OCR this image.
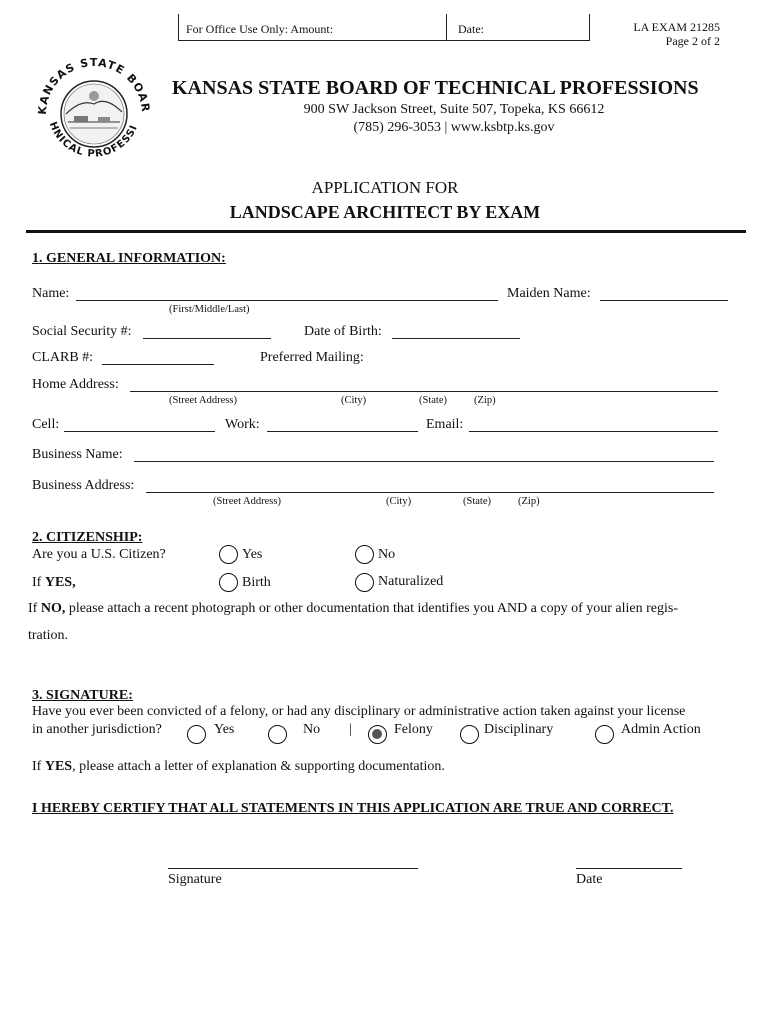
For Office Use Only: Amount:	Date:	LA EXAM 21285
Page 2 of 2
KANSAS STATE BOAR
HNICAL PROFESSI
KANSAS STATE BOARD OF TECHNICAL PROFESSIONS
900 SW Jackson Street, Suite 507, Topeka, KS 66612
(785) 296-3053 | www.ksbtp.ks.gov
APPLICATION FOR
LANDSCAPE ARCHITECT BY EXAM
1. GENERAL INFORMATION:
Name:
(First/Middle/Last)
Maiden Name:
Social Security #:	Date of Birth:
CLARB #:	Preferred Mailing:
Home Address:
(Street Address)	(City)	(State)	(Zip)
Cell:	Work:	Email:
Business Name:
Business Address:
(Street Address)	(City)	(State)	(Zip)
2. CITIZENSHIP:
Are you a U.S. Citizen?	Yes	No
If YES,	Birth	Naturalized
If NO, please attach a recent photograph or other documentation that identifies you AND a copy of your alien regis-
tration.
3. SIGNATURE:
Have you ever been convicted of a felony, or had any disciplinary or administrative action taken against your license
in another jurisdiction?	Yes	No |	Felony	Disciplinary	Admin Action
If YES, please attach a letter of explanation & supporting documentation.
I HEREBY CERTIFY THAT ALL STATEMENTS IN THIS APPLICATION ARE TRUE AND CORRECT.
Signature	Date
